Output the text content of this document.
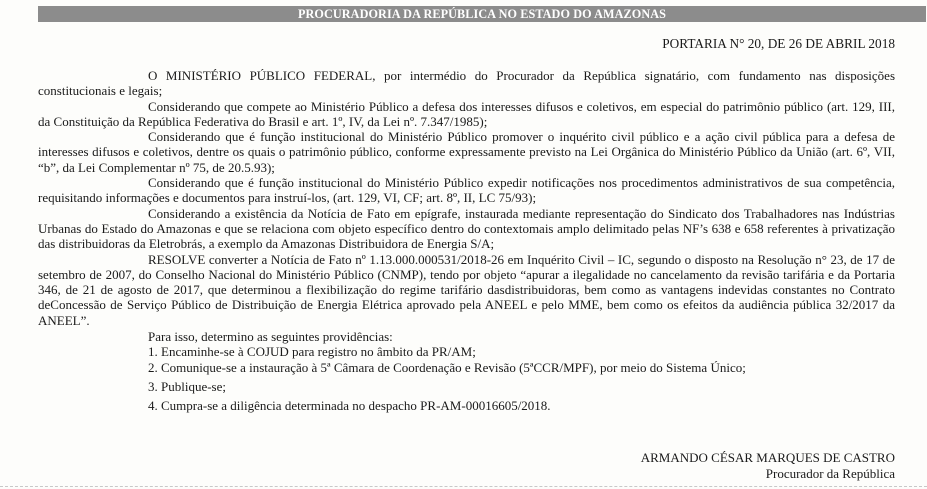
PROCURADORIA DA REPÚBLICA NO ESTADO DO AMAZONAS
PORTARIA N° 20, DE 26 DE ABRIL 2018

O MINISTÉRIO PÚBLICO FEDERAL, por intermédio do Procurador da República signatário, com fundamento nas disposições constitucionais e legais;

Considerando que compete ao Ministério Público a defesa dos interesses difusos e coletivos, em especial do patrimônio público (art. 129, III, da Constituição da República Federativa do Brasil e art. 1º, IV, da Lei nº. 7.347/1985);

Considerando que é função institucional do Ministério Público promover o inquérito civil público e a ação civil pública para a defesa de interesses difusos e coletivos, dentre os quais o patrimônio público, conforme expressamente previsto na Lei Orgânica do Ministério Público da União (art. 6º, VII, “b”, da Lei Complementar nº 75, de 20.5.93);

Considerando que é função institucional do Ministério Público expedir notificações nos procedimentos administrativos de sua competência, requisitando informações e documentos para instruí-los, (art. 129, VI, CF; art. 8º, II, LC 75/93);

Considerando a existência da Notícia de Fato em epígrafe, instaurada mediante representação do Sindicato dos Trabalhadores nas Indústrias Urbanas do Estado do Amazonas e que se relaciona com objeto específico dentro do contextomais amplo delimitado pelas NF’s 638 e 658 referentes à privatização das distribuidoras da Eletrobrás, a exemplo da Amazonas Distribuidora de Energia S/A;

RESOLVE converter a Notícia de Fato nº 1.13.000.000531/2018-26 em Inquérito Civil – IC, segundo o disposto na Resolução n° 23, de 17 de setembro de 2007, do Conselho Nacional do Ministério Público (CNMP), tendo por objeto “apurar a ilegalidade no cancelamento da revisão tarifária e da Portaria 346, de 21 de agosto de 2017, que determinou a flexibilização do regime tarifário dasdistribuidoras, bem como as vantagens indevidas constantes no Contrato deConcessão de Serviço Público de Distribuição de Energia Elétrica aprovado pela ANEEL e pelo MME, bem como os efeitos da audiência pública 32/2017 da ANEEL”.

Para isso, determino as seguintes providências:

1. Encaminhe-se à COJUD para registro no âmbito da PR/AM;

2. Comunique-se a instauração à 5ª Câmara de Coordenação e Revisão (5ªCCR/MPF), por meio do Sistema Único;

3. Publique-se;

4. Cumpra-se a diligência determinada no despacho PR-AM-00016605/2018.

ARMANDO CÉSAR MARQUES DE CASTRO
Procurador da República
